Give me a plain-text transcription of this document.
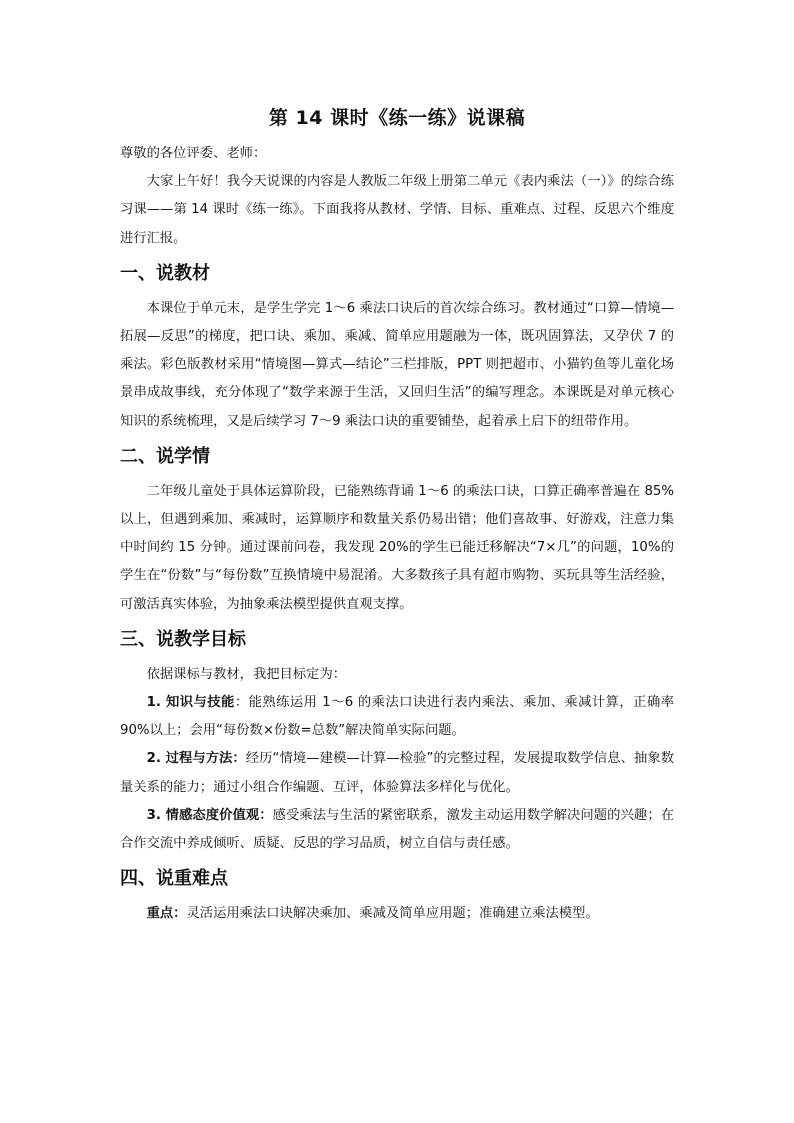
第 14 课时《练一练》说课稿

尊敬的各位评委、老师：

大家上午好！我今天说课的内容是人教版二年级上册第二单元《表内乘法（一）》的综合练习课——第 14 课时《练一练》。下面我将从教材、学情、目标、重难点、过程、反思六个维度进行汇报。

一、说教材

本课位于单元末，是学生学完 1～6 乘法口诀后的首次综合练习。教材通过“口算—情境—拓展—反思”的梯度，把口诀、乘加、乘减、简单应用题融为一体，既巩固算法，又孕伏 7 的乘法。彩色版教材采用“情境图—算式—结论”三栏排版，PPT 则把超市、小猫钓鱼等儿童化场景串成故事线，充分体现了“数学来源于生活，又回归生活”的编写理念。本课既是对单元核心知识的系统梳理，又是后续学习 7～9 乘法口诀的重要铺垫，起着承上启下的纽带作用。

二、说学情

二年级儿童处于具体运算阶段，已能熟练背诵 1～6 的乘法口诀，口算正确率普遍在 85%以上，但遇到乘加、乘减时，运算顺序和数量关系仍易出错；他们喜故事、好游戏，注意力集中时间约 15 分钟。通过课前问卷，我发现 20%的学生已能迁移解决“7×几”的问题，10%的学生在“份数”与“每份数”互换情境中易混淆。大多数孩子具有超市购物、买玩具等生活经验，可激活真实体验，为抽象乘法模型提供直观支撑。

三、说教学目标

依据课标与教材，我把目标定为：

1. 知识与技能：能熟练运用 1～6 的乘法口诀进行表内乘法、乘加、乘减计算，正确率 90%以上；会用“每份数×份数=总数”解决简单实际问题。

2. 过程与方法：经历“情境—建模—计算—检验”的完整过程，发展提取数学信息、抽象数量关系的能力；通过小组合作编题、互评，体验算法多样化与优化。

3. 情感态度价值观：感受乘法与生活的紧密联系，激发主动运用数学解决问题的兴趣；在合作交流中养成倾听、质疑、反思的学习品质，树立自信与责任感。

四、说重难点

重点：灵活运用乘法口诀解决乘加、乘减及简单应用题；准确建立乘法模型。
